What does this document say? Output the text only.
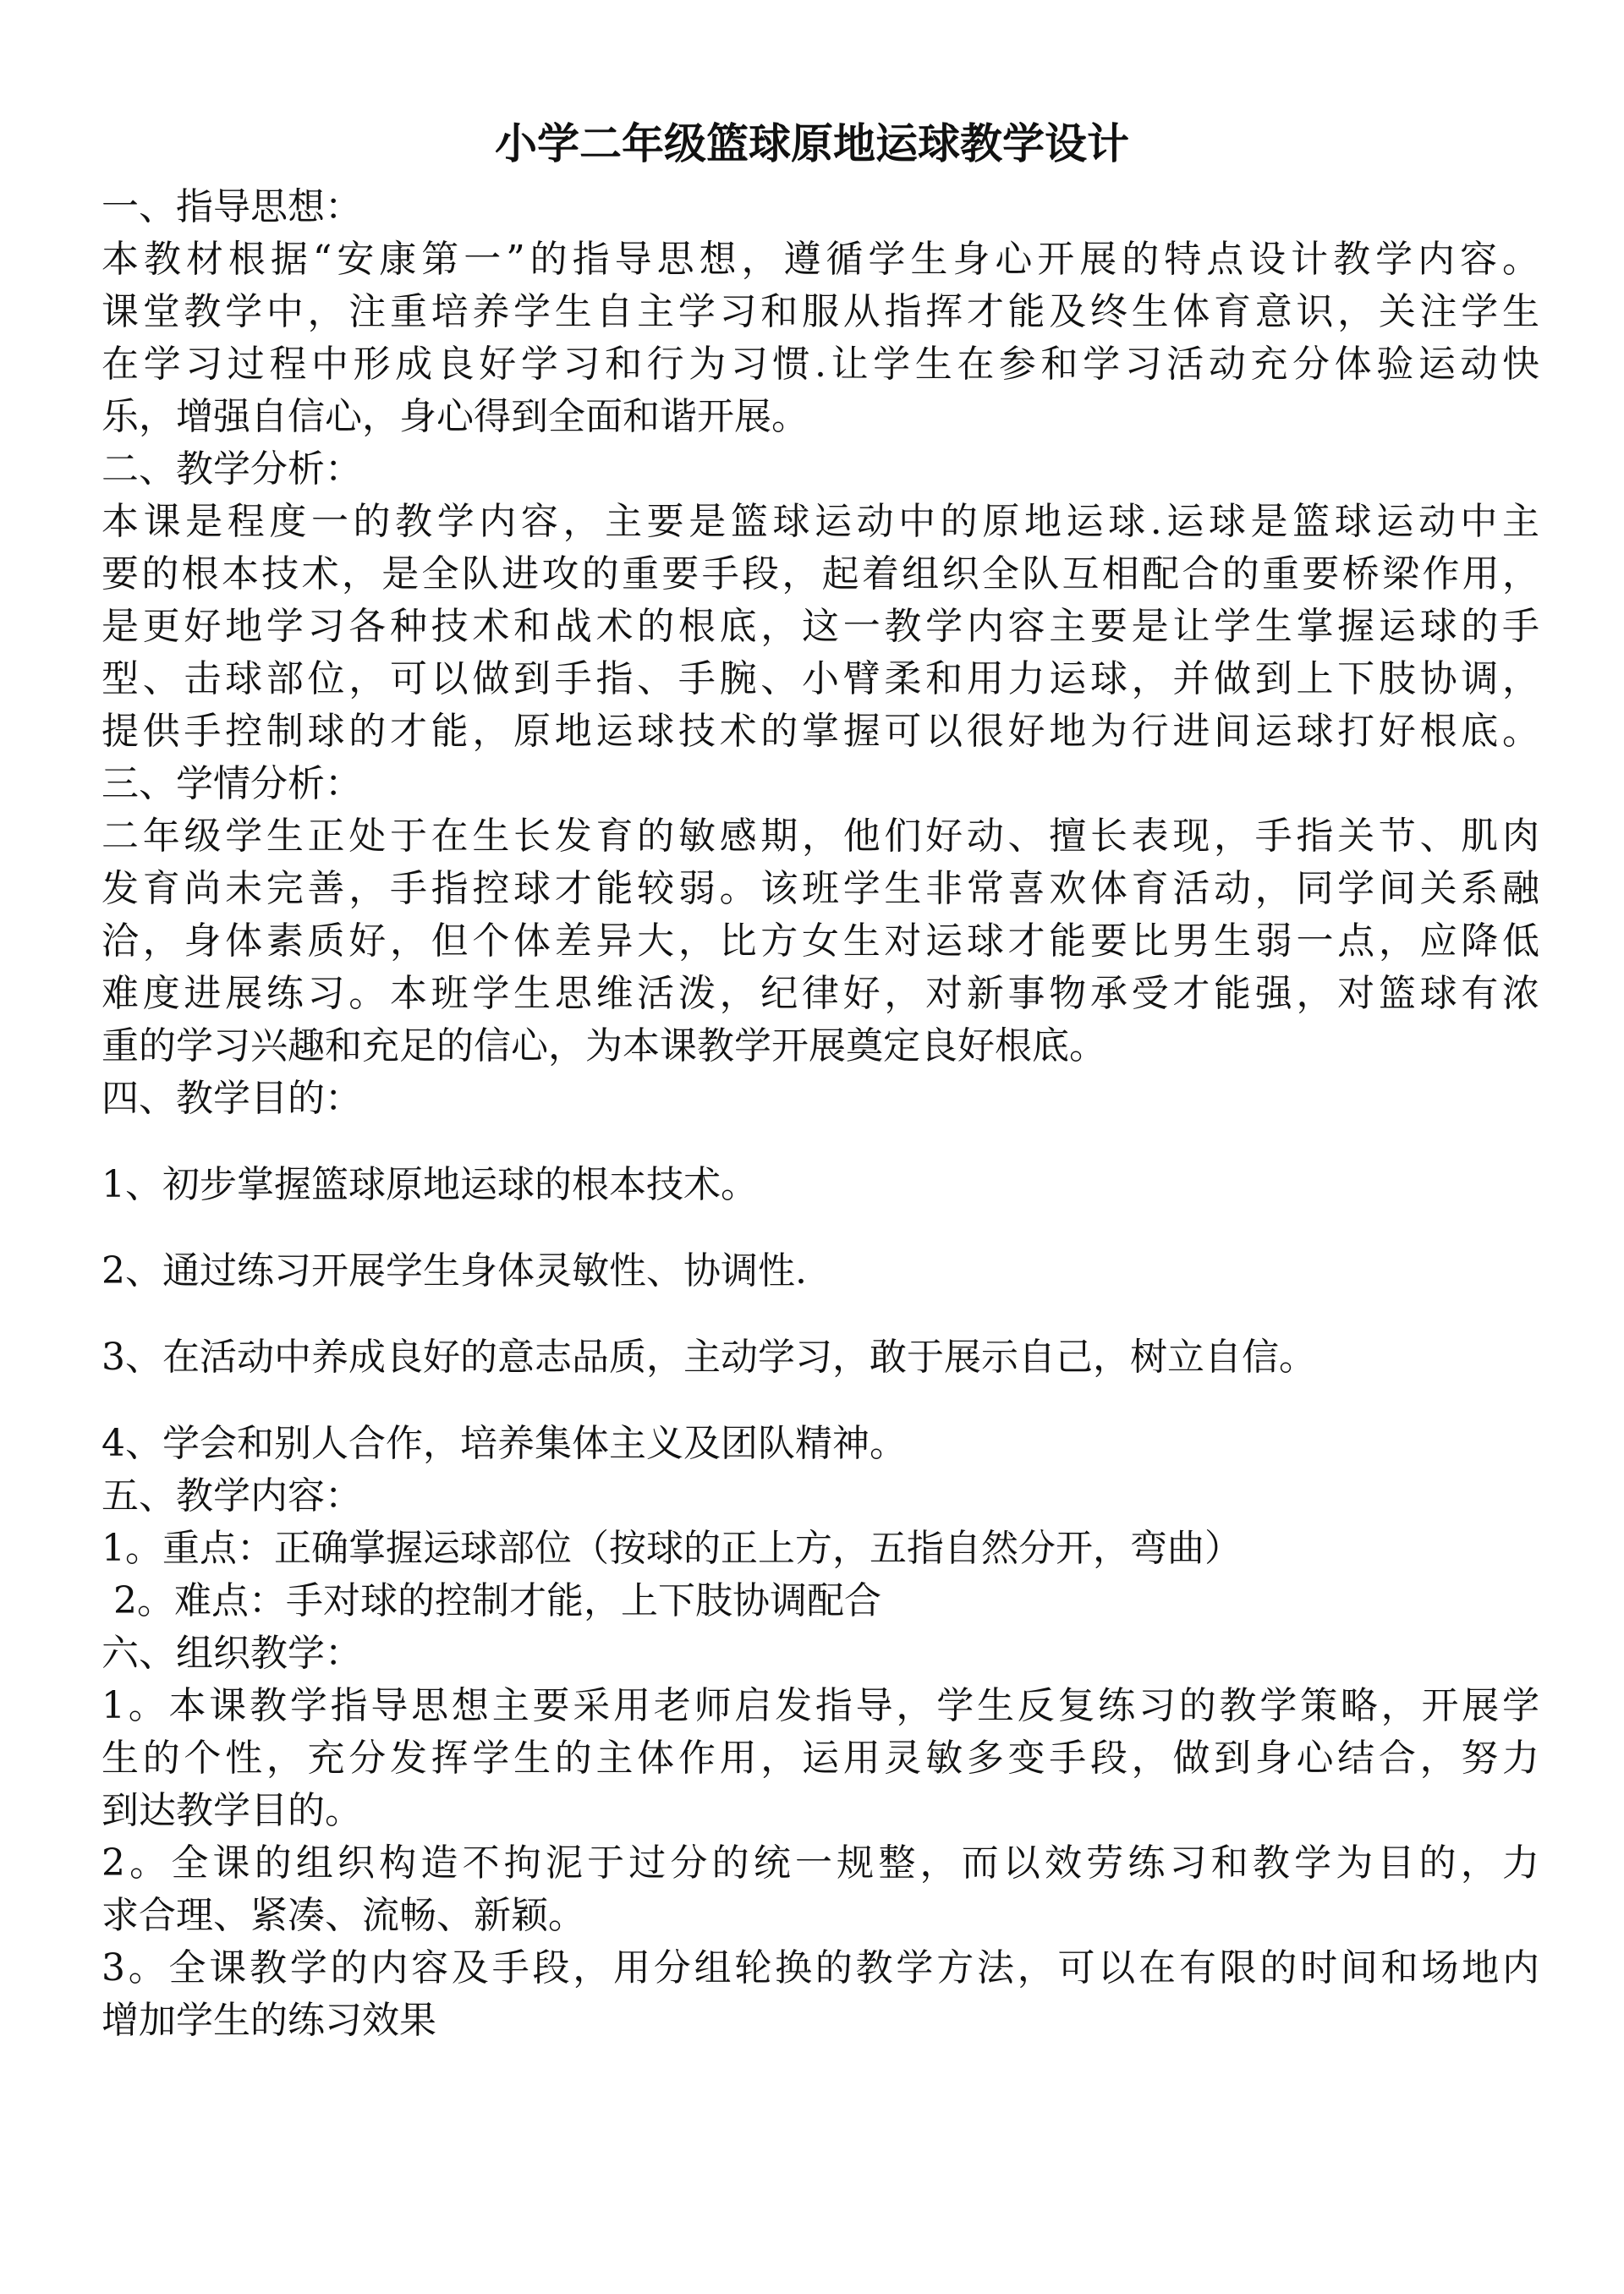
小学二年级篮球原地运球教学设计
一、指导思想：
本教材根据“安康第一”的指导思想，遵循学生身心开展的特点设计教学内容。
课堂教学中，注重培养学生自主学习和服从指挥才能及终生体育意识，关注学生
在学习过程中形成良好学习和行为习惯.让学生在参和学习活动充分体验运动快
乐，增强自信心，身心得到全面和谐开展。
二、教学分析：
本课是程度一的教学内容，主要是篮球运动中的原地运球.运球是篮球运动中主
要的根本技术，是全队进攻的重要手段，起着组织全队互相配合的重要桥梁作用，
是更好地学习各种技术和战术的根底，这一教学内容主要是让学生掌握运球的手
型、击球部位，可以做到手指、手腕、小臂柔和用力运球，并做到上下肢协调，
提供手控制球的才能，原地运球技术的掌握可以很好地为行进间运球打好根底。
三、学情分析：
二年级学生正处于在生长发育的敏感期，他们好动、擅长表现，手指关节、肌肉
发育尚未完善，手指控球才能较弱。该班学生非常喜欢体育活动，同学间关系融
洽，身体素质好，但个体差异大，比方女生对运球才能要比男生弱一点，应降低
难度进展练习。本班学生思维活泼，纪律好，对新事物承受才能强，对篮球有浓
重的学习兴趣和充足的信心，为本课教学开展奠定良好根底。
四、教学目的：
1、初步掌握篮球原地运球的根本技术。
2、通过练习开展学生身体灵敏性、协调性.
3、在活动中养成良好的意志品质，主动学习，敢于展示自己，树立自信。
4、学会和别人合作，培养集体主义及团队精神。
五、教学内容：
1。重点：正确掌握运球部位（按球的正上方，五指自然分开，弯曲）
2。难点：手对球的控制才能，上下肢协调配合
六、组织教学：
1。本课教学指导思想主要采用老师启发指导，学生反复练习的教学策略，开展学
生的个性，充分发挥学生的主体作用，运用灵敏多变手段，做到身心结合，努力
到达教学目的。
2。全课的组织构造不拘泥于过分的统一规整，而以效劳练习和教学为目的，力
求合理、紧凑、流畅、新颖。
3。全课教学的内容及手段，用分组轮换的教学方法，可以在有限的时间和场地内
增加学生的练习效果
